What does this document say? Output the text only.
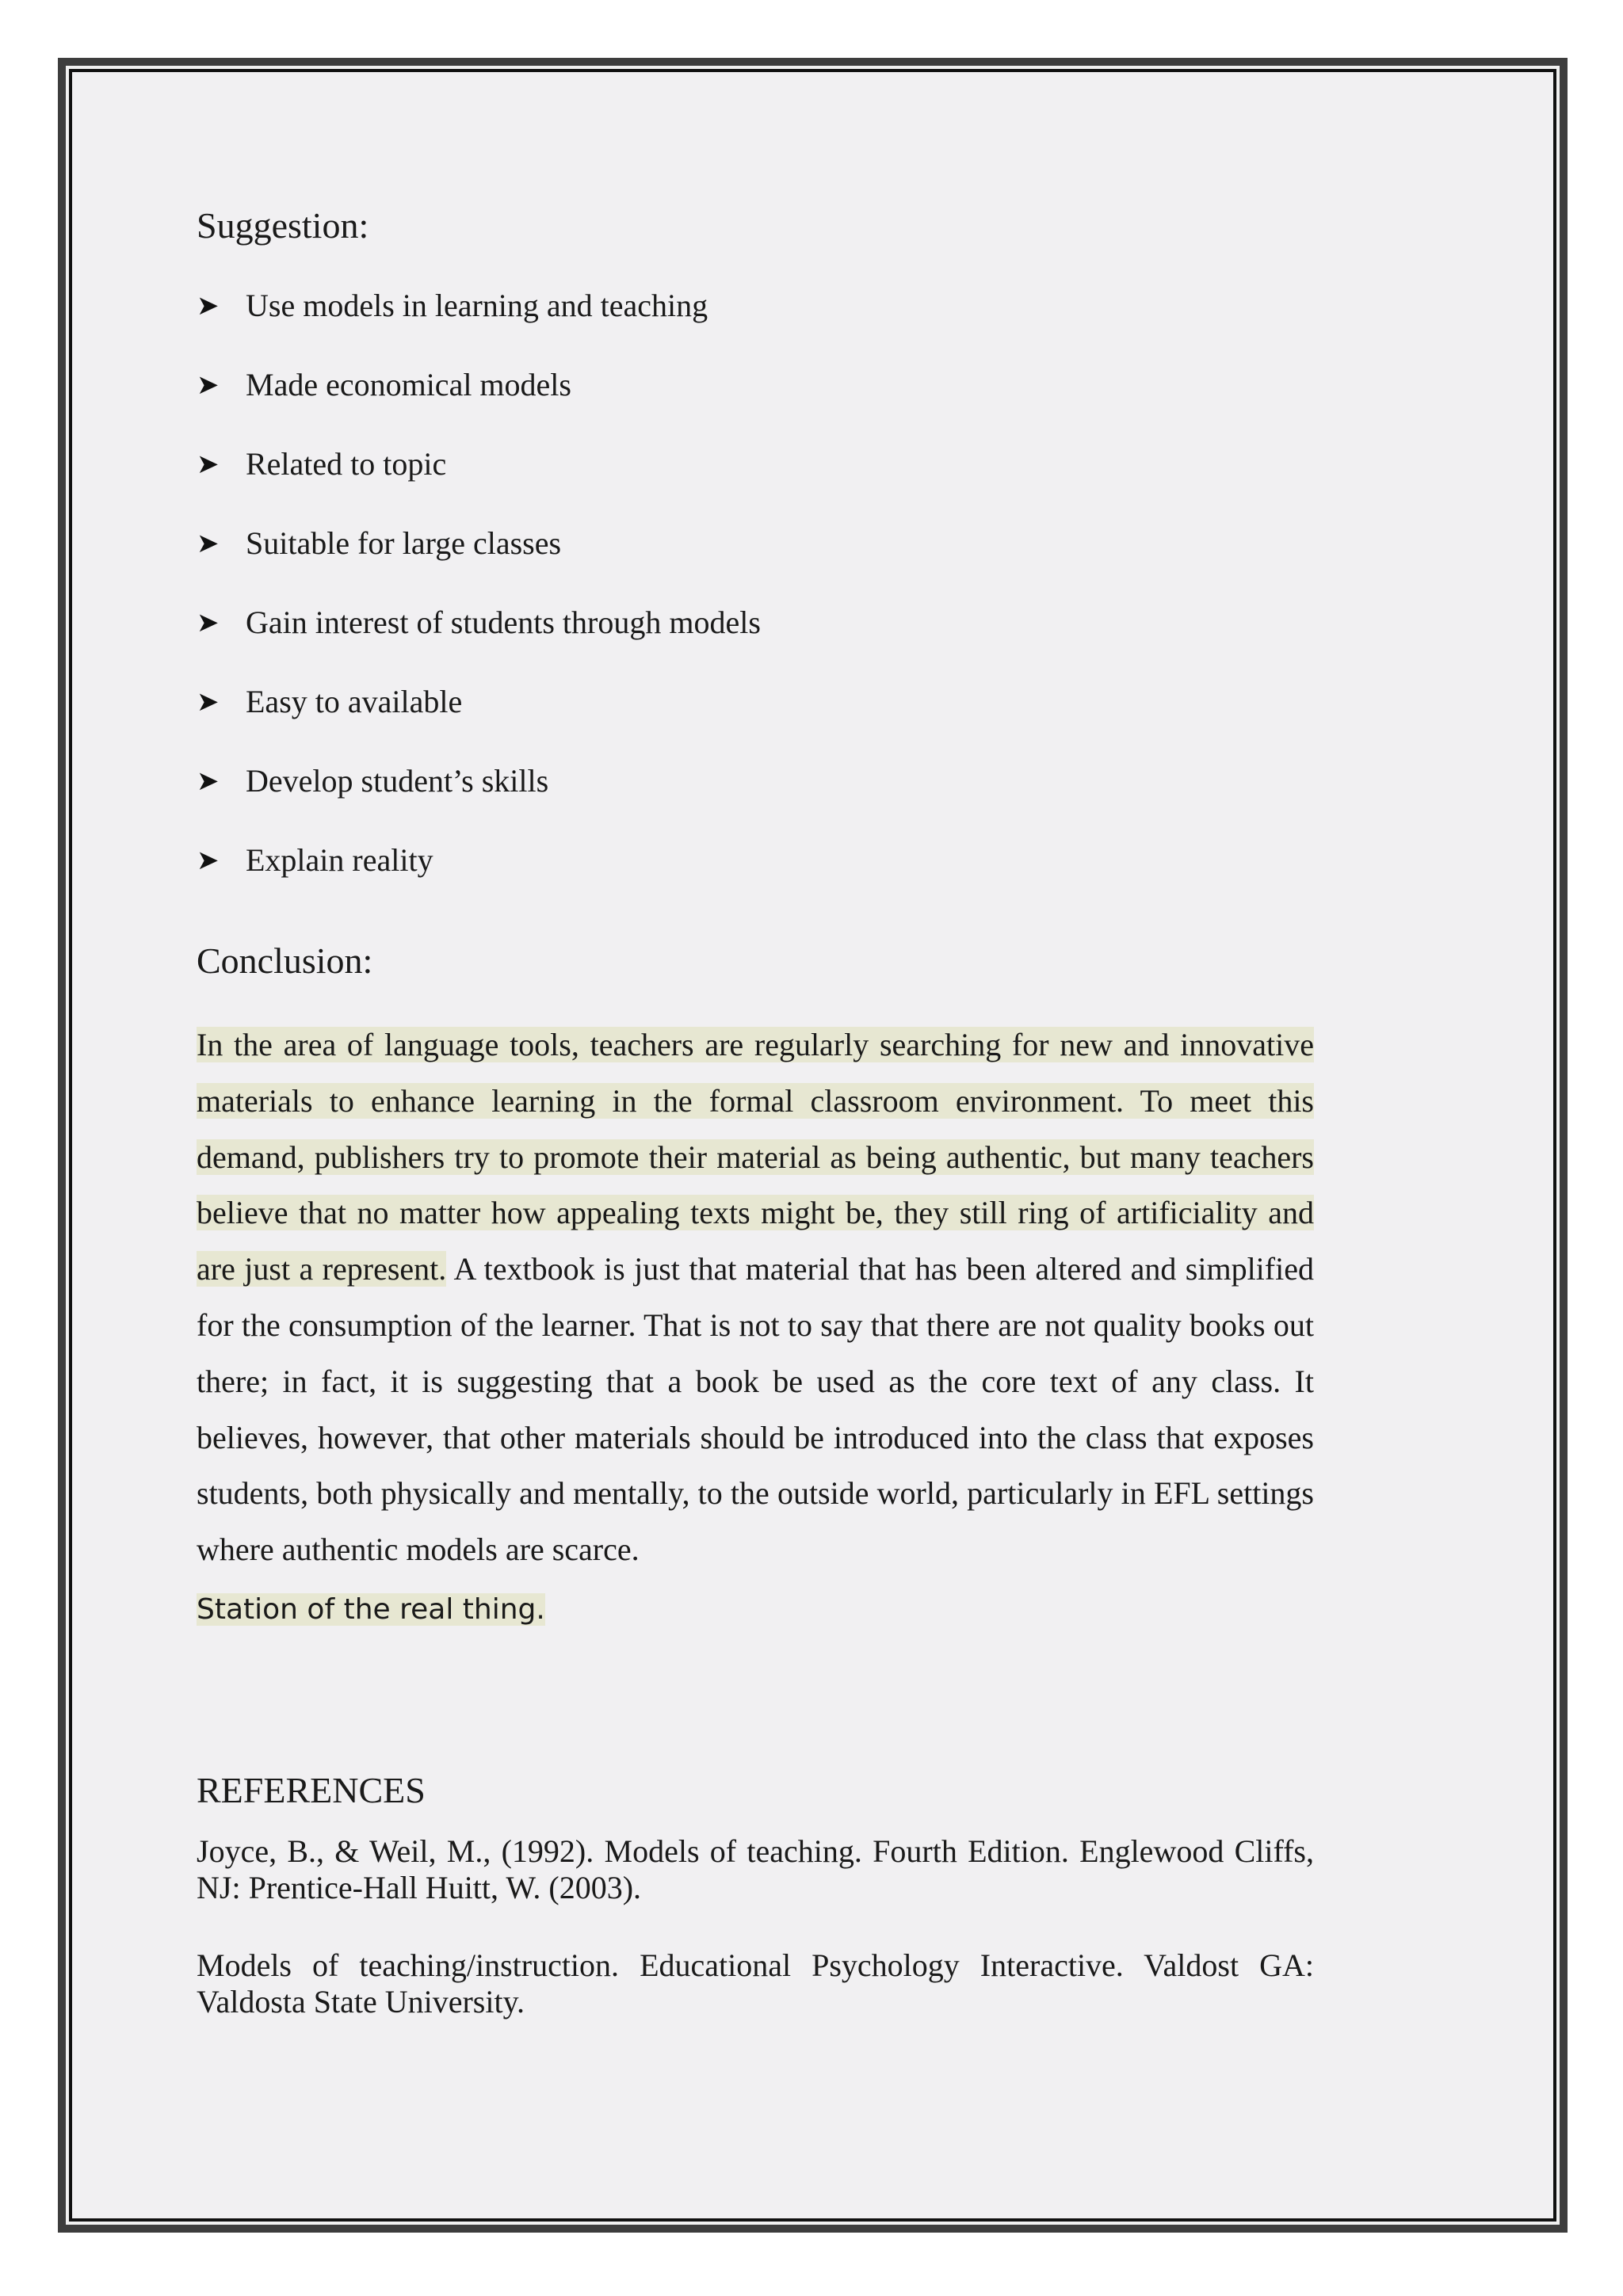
Suggestion:
➤ Use models in learning and teaching
➤ Made economical models
➤ Related to topic
➤ Suitable for large classes
➤ Gain interest of students through models
➤ Easy to available
➤ Develop student’s skills
➤ Explain reality
Conclusion:

In the area of language tools, teachers are regularly searching for new and innovative materials to enhance learning in the formal classroom environment. To meet this demand, publishers try to promote their material as being authentic, but many teachers believe that no matter how appealing texts might be, they still ring of artificiality and are just a represent. A textbook is just that material that has been altered and simplified for the consumption of the learner. That is not to say that there are not quality books out there; in fact, it is suggesting that a book be used as the core text of any class. It believes, however, that other materials should be introduced into the class that exposes students, both physically and mentally, to the outside world, particularly in EFL settings where authentic models are scarce.

Station of the real thing.

REFERENCES

Joyce, B., & Weil, M., (1992). Models of teaching. Fourth Edition. Englewood Cliffs, NJ: Prentice-Hall Huitt, W. (2003).

Models of teaching/instruction. Educational Psychology Interactive. Valdost GA: Valdosta State University.
